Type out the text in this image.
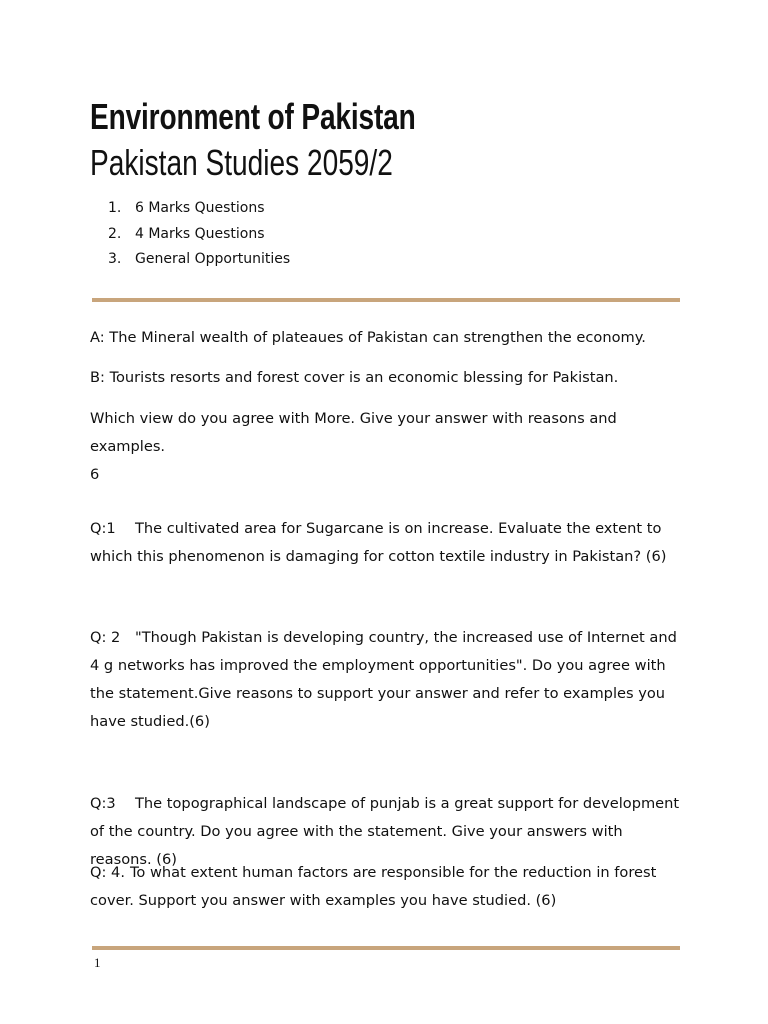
Environment of Pakistan
Pakistan Studies 2059/2
1. 6 Marks Questions
2. 4 Marks Questions
3. General Opportunities

A: The Mineral wealth of plateaues of Pakistan can strengthen the economy.

B: Tourists resorts and forest cover is an economic blessing for Pakistan.

Which view do you agree with More. Give your answer with reasons and examples.

6

Q:1 The cultivated area for Sugarcane is on increase. Evaluate the extent to which this phenomenon is damaging for cotton textile industry in Pakistan? (6)

Q: 2 "Though Pakistan is developing country, the increased use of Internet and 4 g networks has improved the employment opportunities". Do you agree with the statement.Give reasons to support your answer and refer to examples you have studied.(6)

Q:3 The topographical landscape of punjab is a great support for development of the country. Do you agree with the statement. Give your answers with reasons. (6)

Q: 4. To what extent human factors are responsible for the reduction in forest cover. Support you answer with examples you have studied. (6)

1
